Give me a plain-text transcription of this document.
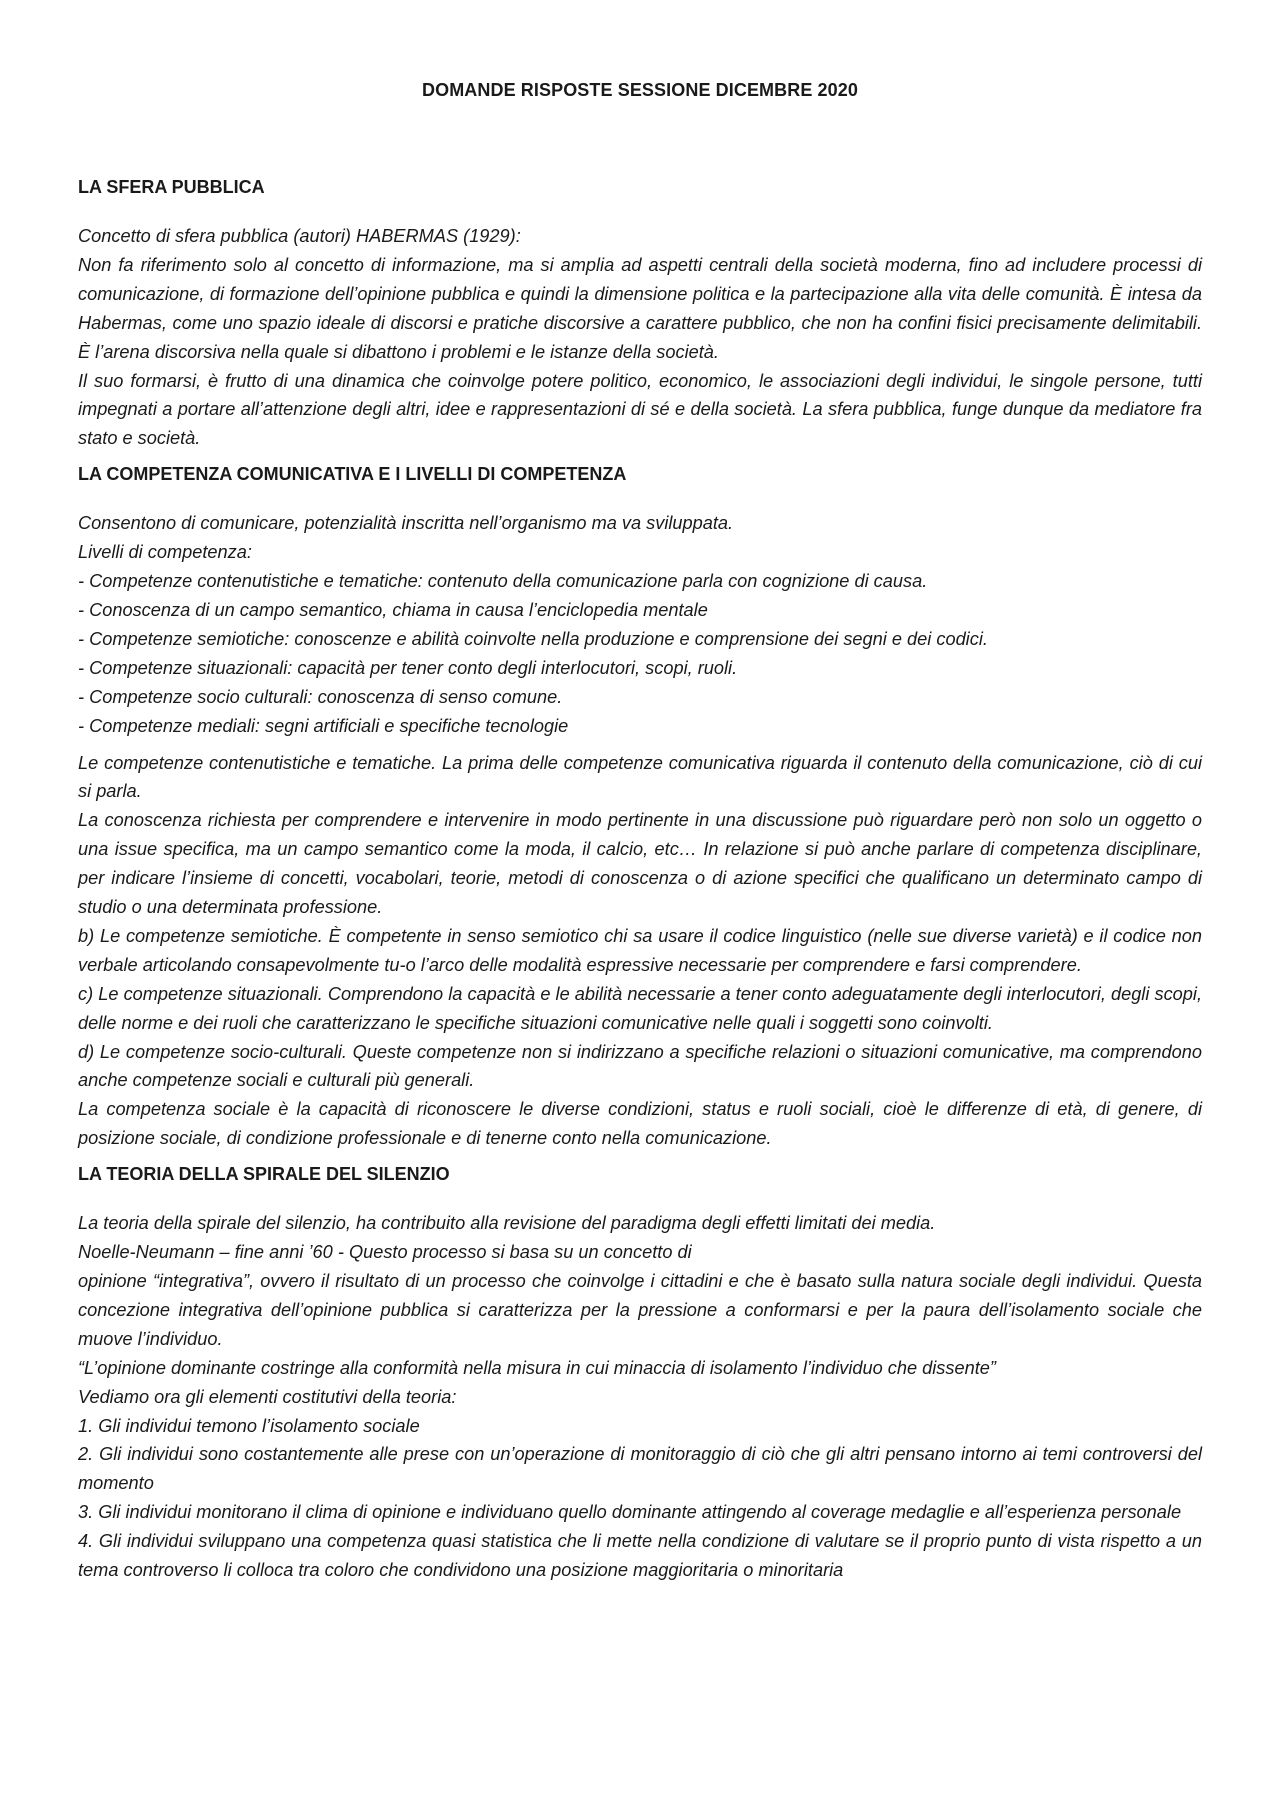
DOMANDE RISPOSTE SESSIONE DICEMBRE 2020
LA SFERA PUBBLICA

Concetto di sfera pubblica (autori) HABERMAS (1929):

Non fa riferimento solo al concetto di informazione, ma si amplia ad aspetti centrali della società moderna, fino ad includere processi di comunicazione, di formazione dell’opinione pubblica e quindi la dimensione politica e la partecipazione alla vita delle comunità. È intesa da Habermas, come uno spazio ideale di discorsi e pratiche discorsive a carattere pubblico, che non ha confini fisici precisamente delimitabili. È l’arena discorsiva nella quale si dibattono i problemi e le istanze della società.

Il suo formarsi, è frutto di una dinamica che coinvolge potere politico, economico, le associazioni degli individui, le singole persone, tutti impegnati a portare all’attenzione degli altri, idee e rappresentazioni di sé e della società. La sfera pubblica, funge dunque da mediatore fra stato e società.

LA COMPETENZA COMUNICATIVA E I LIVELLI DI COMPETENZA

Consentono di comunicare, potenzialità inscritta nell’organismo ma va sviluppata.

Livelli di competenza:

- Competenze contenutistiche e tematiche: contenuto della comunicazione parla con cognizione di causa.

- Conoscenza di un campo semantico, chiama in causa l’enciclopedia mentale

- Competenze semiotiche: conoscenze e abilità coinvolte nella produzione e comprensione dei segni e dei codici.

- Competenze situazionali: capacità per tener conto degli interlocutori, scopi, ruoli.

- Competenze socio culturali: conoscenza di senso comune.

- Competenze mediali: segni artificiali e specifiche tecnologie

Le competenze contenutistiche e tematiche. La prima delle competenze comunicativa riguarda il contenuto della comunicazione, ciò di cui si parla.

La conoscenza richiesta per comprendere e intervenire in modo pertinente in una discussione può riguardare però non solo un oggetto o una issue specifica, ma un campo semantico come la moda, il calcio, etc… In relazione si può anche parlare di competenza disciplinare, per indicare l’insieme di concetti, vocabolari, teorie, metodi di conoscenza o di azione specifici che qualificano un determinato campo di studio o una determinata professione.

b) Le competenze semiotiche. È competente in senso semiotico chi sa usare il codice linguistico (nelle sue diverse varietà) e il codice non verbale articolando consapevolmente tu-o l’arco delle modalità espressive necessarie per comprendere e farsi comprendere.

c) Le competenze situazionali. Comprendono la capacità e le abilità necessarie a tener conto adeguatamente degli interlocutori, degli scopi, delle norme e dei ruoli che caratterizzano le specifiche situazioni comunicative nelle quali i soggetti sono coinvolti.

d) Le competenze socio-culturali. Queste competenze non si indirizzano a specifiche relazioni o situazioni comunicative, ma comprendono anche competenze sociali e culturali più generali.

La competenza sociale è la capacità di riconoscere le diverse condizioni, status e ruoli sociali, cioè le differenze di età, di genere, di posizione sociale, di condizione professionale e di tenerne conto nella comunicazione.

LA TEORIA DELLA SPIRALE DEL SILENZIO

La teoria della spirale del silenzio, ha contribuito alla revisione del paradigma degli effetti limitati dei media.

Noelle-Neumann – fine anni ’60 - Questo processo si basa su un concetto di

opinione “integrativa”, ovvero il risultato di un processo che coinvolge i cittadini e che è basato sulla natura sociale degli individui. Questa concezione integrativa dell’opinione pubblica si caratterizza per la pressione a conformarsi e per la paura dell’isolamento sociale che muove l’individuo.

“L’opinione dominante costringe alla conformità nella misura in cui minaccia di isolamento l’individuo che dissente”

Vediamo ora gli elementi costitutivi della teoria:

1. Gli individui temono l’isolamento sociale

2. Gli individui sono costantemente alle prese con un’operazione di monitoraggio di ciò che gli altri pensano intorno ai temi controversi del momento

3. Gli individui monitorano il clima di opinione e individuano quello dominante attingendo al coverage medaglie e all’esperienza personale

4. Gli individui sviluppano una competenza quasi statistica che li mette nella condizione di valutare se il proprio punto di vista rispetto a un tema controverso li colloca tra coloro che condividono una posizione maggioritaria o minoritaria
